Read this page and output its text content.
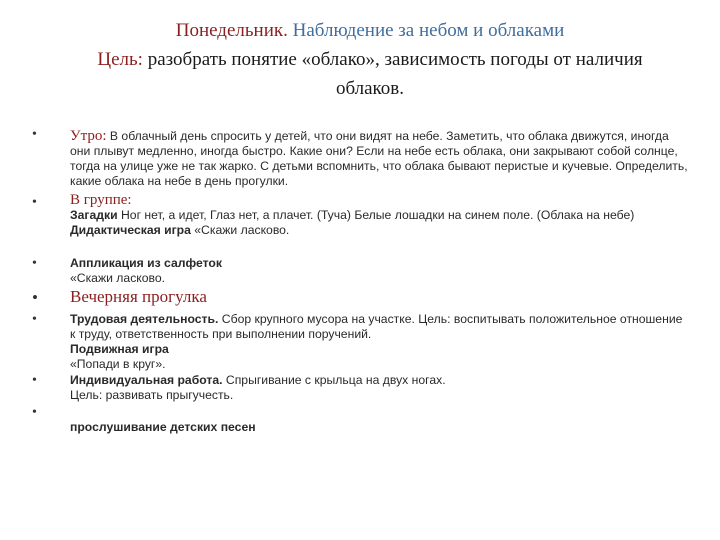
Понедельник. Наблюдение за небом и облаками
Цель: разобрать понятие «облако», зависимость погоды от наличия облаков.
•
•
•
•
•
•
•
Утро: В облачный день спросить у детей, что они видят на небе. Заметить, что облака движутся, иногда они плывут медленно, иногда быстро. Какие они? Если на небе есть облака, они закрывают собой солнце, тогда на улице уже не так жарко. С детьми вспомнить, что облака бывают перистые и кучевые. Определить, какие облака на небе в день прогулки.
В группе:
Загадки Ног нет, а идет, Глаз нет, а плачет. (Туча) Белые лошадки на синем поле. (Облака на небе)
Дидактическая игра «Скажи ласково.
Аппликация из салфеток
«Скажи ласково.
Вечерняя прогулка
Трудовая деятельность. Сбор крупного мусора на участке. Цель: воспитывать положительное отношение к труду, ответственность при выполнении поручений.
Подвижная игра
«Попади в круг».
Индивидуальная работа. Спрыгивание с крыльца на двух ногах.
Цель: развивать прыгучесть.
прослушивание детских песен
